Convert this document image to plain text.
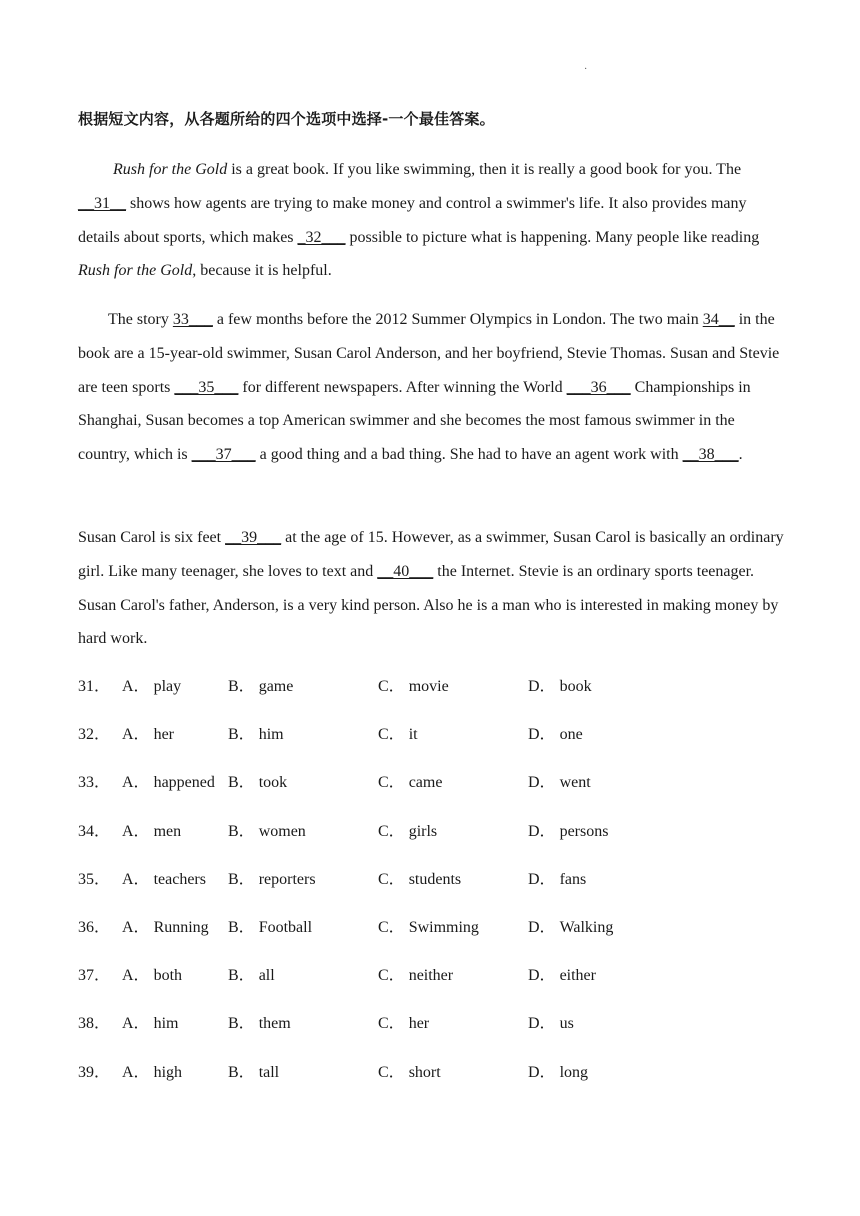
·
根据短文内容，从各题所给的四个选项中选择-一个最佳答案。

Rush for the Gold is a great book. If you like swimming, then it is really a good book for you. The __31__ shows how agents are trying to make money and control a swimmer's life. It also provides many details about sports, which makes _32___ possible to picture what is happening. Many people like reading Rush for the Gold, because it is helpful.

The story 33___ a few months before the 2012 Summer Olympics in London. The two main 34__ in the book are a 15-year-old swimmer, Susan Carol Anderson, and her boyfriend, Stevie Thomas. Susan and Stevie are teen sports ___35___ for different newspapers. After winning the World ___36___ Championships in Shanghai, Susan becomes a top American swimmer and she becomes the most famous swimmer in the country, which is ___37___ a good thing and a bad thing. She had to have an agent work with __38___.

Susan Carol is six feet __39___ at the age of 15. However, as a swimmer, Susan Carol is basically an ordinary girl. Like many teenager, she loves to text and __40___ the Internet. Stevie is an ordinary sports teenager. Susan Carol's father, Anderson, is a very kind person. Also he is a man who is interested in making money by hard work.

31． A． play	B． game	C． movie	D． book
32． A． her	B． him	C． it	D． one
33． A． happened B． took	C． came	D． went
34． A． men	B． women	C． girls	D． persons
35． A． teachers	B． reporters	C． students	D． fans
36． A． Running	B． Football	C． Swimming	D． Walking
37． A． both	B． all	C． neither	D． either
38． A． him	B． them	C． her	D． us
39． A． high	B． tall	C． short	D． long
